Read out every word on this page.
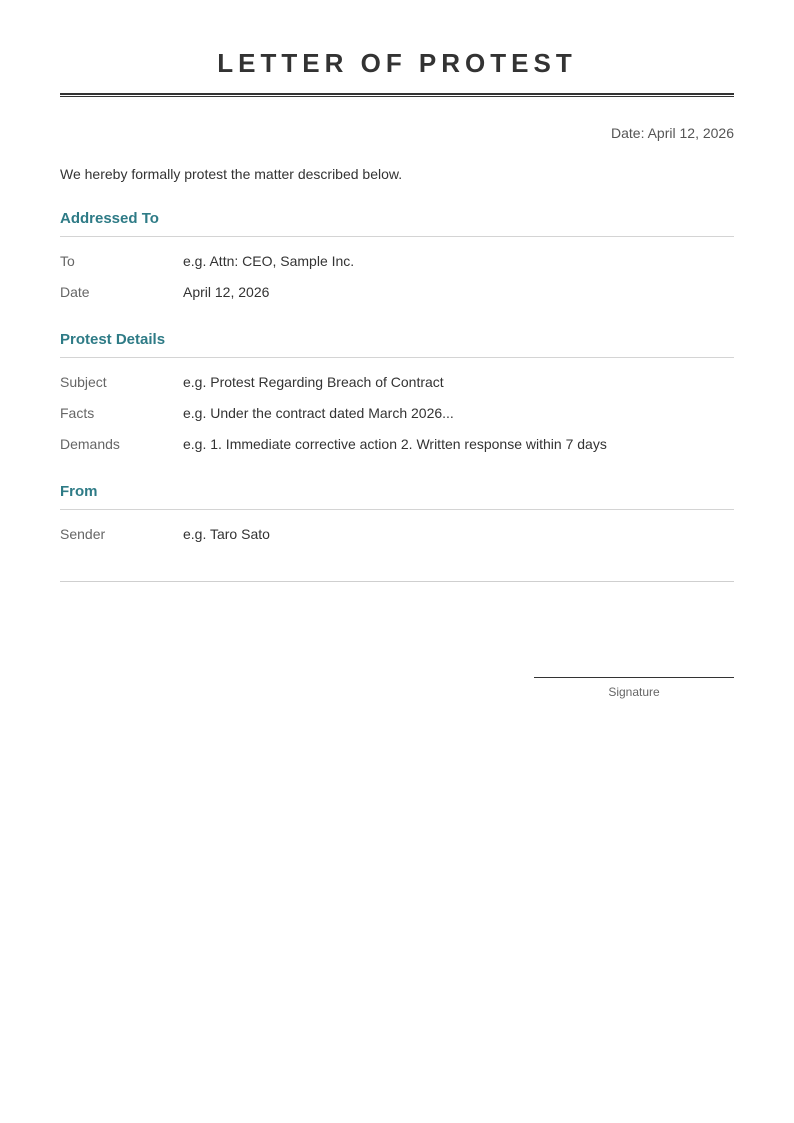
LETTER OF PROTEST
Date: April 12, 2026
We hereby formally protest the matter described below.
Addressed To
To	e.g. Attn: CEO, Sample Inc.
Date	April 12, 2026
Protest Details
Subject	e.g. Protest Regarding Breach of Contract
Facts	e.g. Under the contract dated March 2026...
Demands	e.g. 1. Immediate corrective action 2. Written response within 7 days
From
Sender	e.g. Taro Sato
Signature
